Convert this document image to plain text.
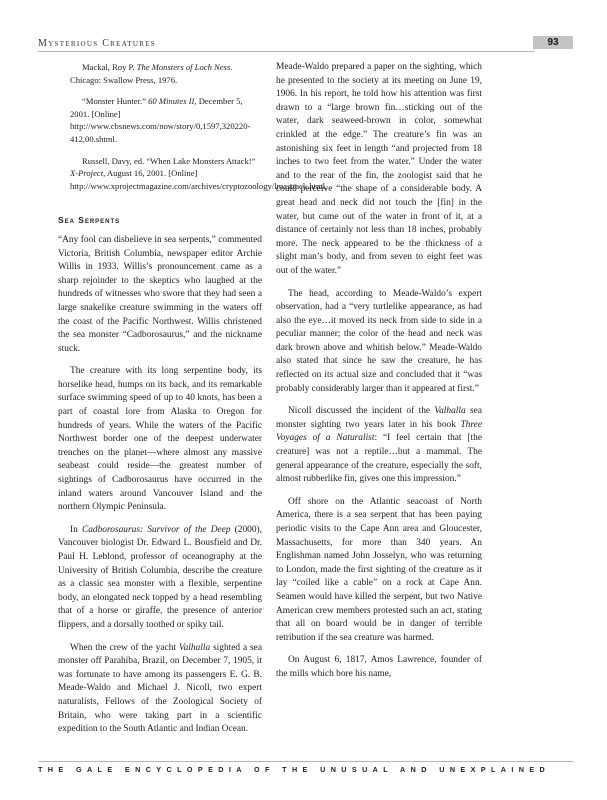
Mysterious Creatures	93

Mackal, Roy P. The Monsters of Loch Ness. Chicago: Swallow Press, 1976.

“Monster Hunter.” 60 Minutes II, December 5, 2001. [Online] http://www.cbsnews.com/now/story/0,1597,320220-412,00.shtml.

Russell, Davy, ed. “When Lake Monsters Attack!” X-Project, August 16, 2001. [Online] http://www.xprojectmagazine.com/archives/cryptozoology/lmasttack.html.

Sea Serpents

“Any fool can disbelieve in sea serpents,” commented Victoria, British Columbia, newspaper editor Archie Willis in 1933. Willis’s pronouncement came as a sharp rejoinder to the skeptics who laughed at the hundreds of witnesses who swore that they had seen a large snakelike creature swimming in the waters off the coast of the Pacific Northwest. Willis christened the sea monster “Cadborosaurus,” and the nickname stuck.

The creature with its long serpentine body, its horselike head, humps on its back, and its remarkable surface swimming speed of up to 40 knots, has been a part of coastal lore from Alaska to Oregon for hundreds of years. While the waters of the Pacific Northwest border one of the deepest underwater trenches on the planet—where almost any massive seabeast could reside—the greatest number of sightings of Cadborosaurus have occurred in the inland waters around Vancouver Island and the northern Olympic Peninsula.

In Cadborosaurus: Survivor of the Deep (2000), Vancouver biologist Dr. Edward L. Bousfield and Dr. Paul H. Leblond, professor of oceanography at the University of British Columbia, describe the creature as a classic sea monster with a flexible, serpentine body, an elongated neck topped by a head resembling that of a horse or giraffe, the presence of anterior flippers, and a dorsally toothed or spiky tail.

When the crew of the yacht Valhalla sighted a sea monster off Parahiba, Brazil, on December 7, 1905, it was fortunate to have among its passengers E. G. B. Meade-Waldo and Michael J. Nicoll, two expert naturalists, Fellows of the Zoological Society of Britain, who were taking part in a scientific expedition to the South Atlantic and Indian Ocean.

Meade-Waldo prepared a paper on the sighting, which he presented to the society at its meeting on June 19, 1906. In his report, he told how his attention was first drawn to a “large brown fin…sticking out of the water, dark seaweed-brown in color, somewhat crinkled at the edge.” The creature’s fin was an astonishing six feet in length “and projected from 18 inches to two feet from the water.” Under the water and to the rear of the fin, the zoologist said that he could perceive “the shape of a considerable body. A great head and neck did not touch the [fin] in the water, but came out of the water in front of it, at a distance of certainly not less than 18 inches, probably more. The neck appeared to be the thickness of a slight man’s body, and from seven to eight feet was out of the water.”

The head, according to Meade-Waldo’s expert observation, had a “very turtlelike appearance, as had also the eye…it moved its neck from side to side in a peculiar manner; the color of the head and neck was dark brown above and whitish below.” Meade-Waldo also stated that since he saw the creature, he has reflected on its actual size and concluded that it “was probably considerably larger than it appeared at first.”

Nicoll discussed the incident of the Valhalla sea monster sighting two years later in his book Three Voyages of a Naturalist: “I feel certain that [the creature] was not a reptile…but a mammal. The general appearance of the creature, especially the soft, almost rubberlike fin, gives one this impression.”

Off shore on the Atlantic seacoast of North America, there is a sea serpent that has been paying periodic visits to the Cape Ann area and Gloucester, Massachusetts, for more than 340 years. An Englishman named John Josselyn, who was returning to London, made the first sighting of the creature as it lay “coiled like a cable” on a rock at Cape Ann. Seamen would have killed the serpent, but two Native American crew members protested such an act, stating that all on board would be in danger of terrible retribution if the sea creature was harmed.

On August 6, 1817, Amos Lawrence, founder of the mills which bore his name,

THE GALE ENCYCLOPEDIA OF THE UNUSUAL AND UNEXPLAINED
